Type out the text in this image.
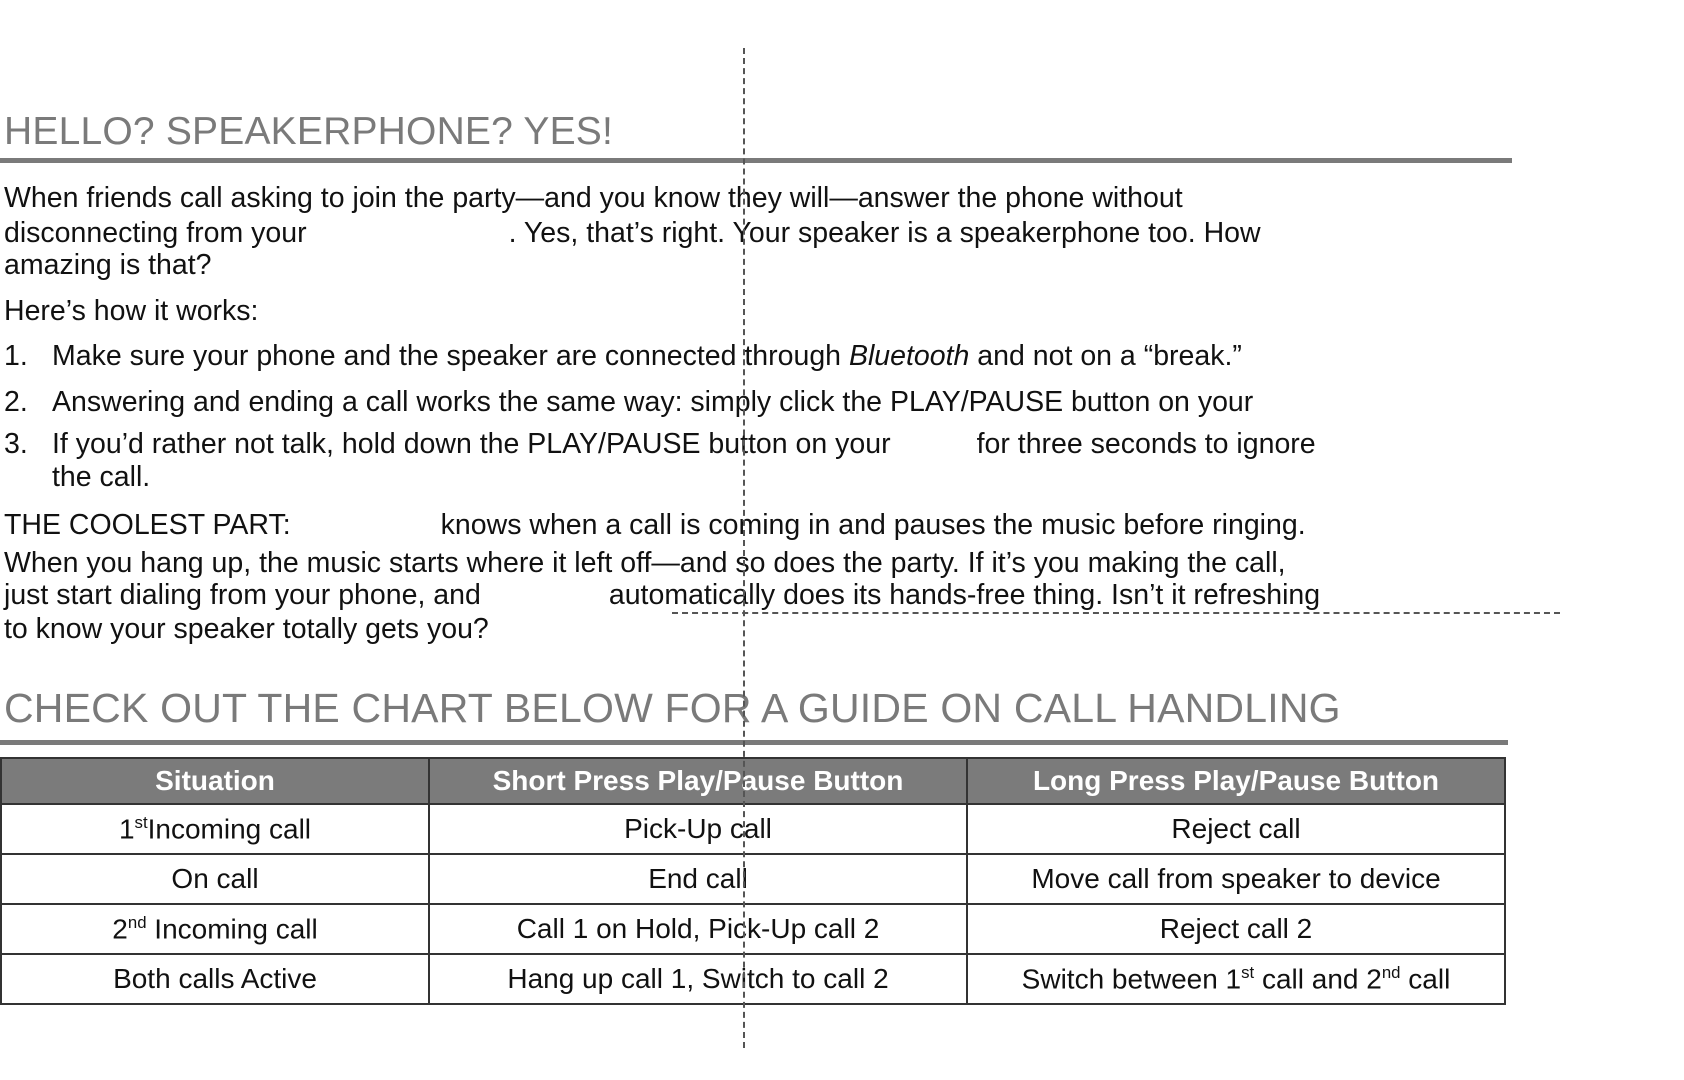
HELLO? SPEAKERPHONE? YES!
When friends call asking to join the party—and you know they will—answer the phone without
disconnecting from your	. Yes, that’s right. Your speaker is a speakerphone too. How
amazing is that?
Here’s how it works:
1. Make sure your phone and the speaker are connected through Bluetooth and not on a “break.”
2. Answering and ending a call works the same way: simply click the PLAY/PAUSE button on your
3. If you’d rather not talk, hold down the PLAY/PAUSE button on your	for three seconds to ignore
the call.
THE COOLEST PART:	knows when a call is coming in and pauses the music before ringing.
When you hang up, the music starts where it left off—and so does the party. If it’s you making the call,
just start dialing from your phone, and	automatically does its hands-free thing. Isn’t it refreshing
to know your speaker totally gets you?
CHECK OUT THE CHART BELOW FOR A GUIDE ON CALL HANDLING
Situation	Short Press Play/Pause Button	Long Press Play/Pause Button
1stIncoming call	Pick-Up call	Reject call
On call	End call	Move call from speaker to device
2nd Incoming call	Call 1 on Hold, Pick-Up call 2	Reject call 2
Both calls Active	Hang up call 1, Switch to call 2	Switch between 1st call and 2nd call
